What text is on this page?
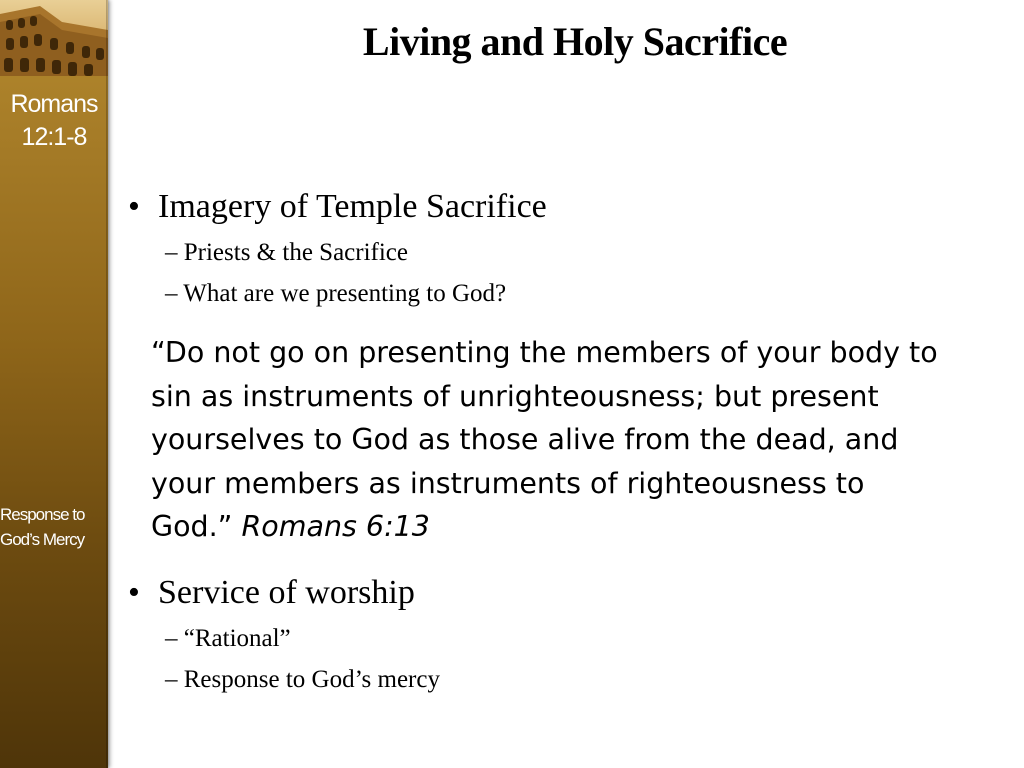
Romans
12:1-8
Response to
God’s Mercy
Living and Holy Sacrifice
• Imagery of Temple Sacrifice
– Priests & the Sacrifice
– What are we presenting to God?
“Do not go on presenting the members of your body to
sin as instruments of unrighteousness; but present
yourselves to God as those alive from the dead, and
your members as instruments of righteousness to
God.” Romans 6:13
• Service of worship
– “Rational”
– Response to God’s mercy
